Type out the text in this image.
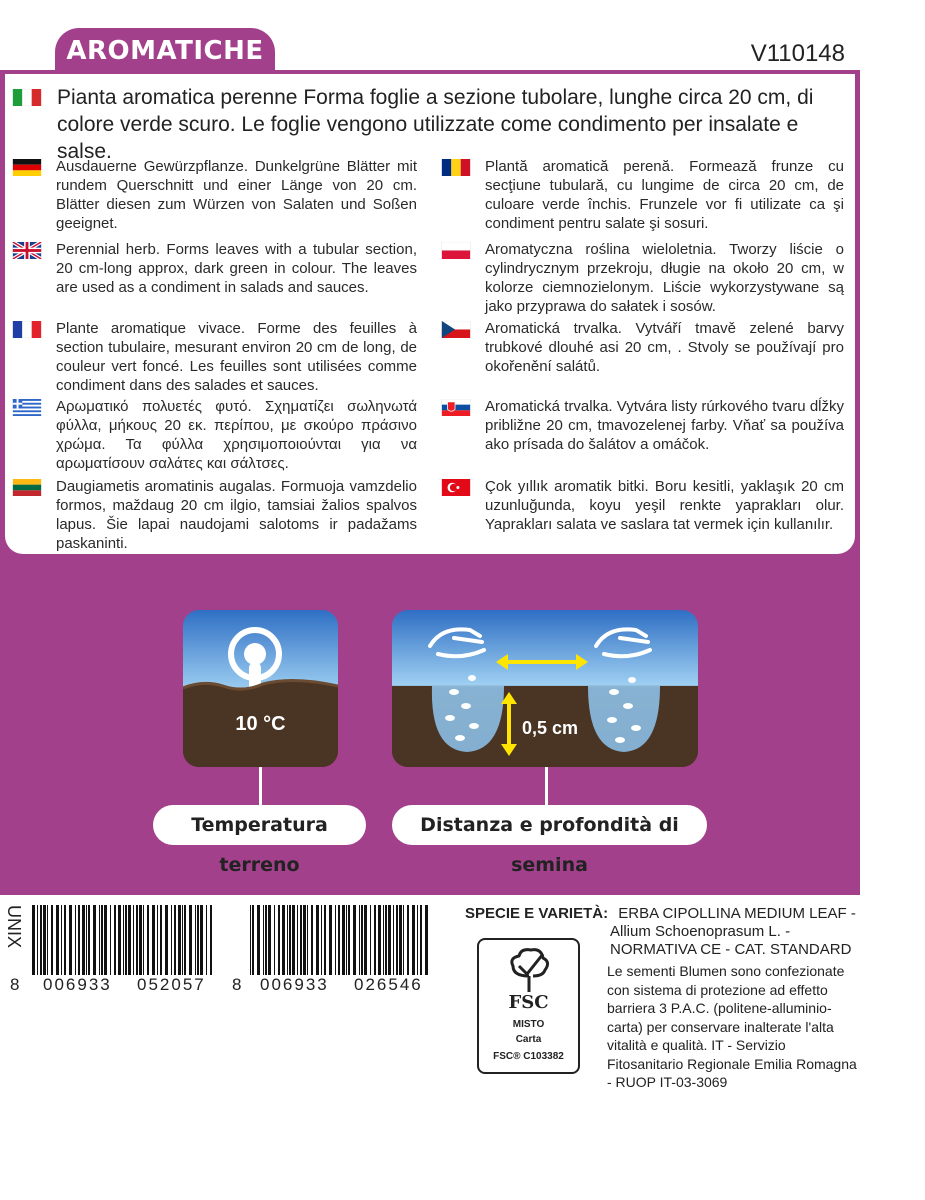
AROMATICHE	V110148
Pianta aromatica perenne Forma foglie a sezione tubolare, lunghe circa 20 cm, di colore verde scuro. Le foglie vengono utilizzate come condimento per insalate e salse.

Ausdauerne Gewürzpflanze. Dunkelgrüne Blätter mit rundem Querschnitt und einer Länge von 20 cm. Blätter diesen zum Würzen von Salaten und Soßen geeignet.

Perennial herb. Forms leaves with a tubular section, 20 cm-long approx, dark green in colour. The leaves are used as a condiment in salads and sauces.

Plante aromatique vivace. Forme des feuilles à section tubulaire, mesurant environ 20 cm de long, de couleur vert foncé. Les feuilles sont utilisées comme condiment dans des salades et sauces.

Αρωματικό πολυετές φυτό. Σχηματίζει σωληνωτά φύλλα, μήκους 20 εκ. περίπου, με σκούρο πράσινο χρώμα. Τα φύλλα χρησιμοποιούνται για να αρωματίσουν σαλάτες και σάλτσες.

Daugiametis aromatinis augalas. Formuoja vamzdelio formos, maždaug 20 cm ilgio, tamsiai žalios spalvos lapus. Šie lapai naudojami salotoms ir padažams paskaninti.

Plantă aromatică perenă. Formează frunze cu secţiune tubulară, cu lungime de circa 20 cm, de culoare verde închis. Frunzele vor fi utilizate ca şi condiment pentru salate şi sosuri.

Aromatyczna roślina wieloletnia. Tworzy liście o cylindrycznym przekroju, długie na około 20 cm, w kolorze ciemnozielonym. Liście wykorzystywane są jako przyprawa do sałatek i sosów.

Aromatická trvalka. Vytváří tmavě zelené barvy trubkové dlouhé asi 20 cm, . Stvoly se používají pro okořenění salátů.

Aromatická trvalka. Vytvára listy rúrkového tvaru dĺžky približne 20 cm, tmavozelenej farby. Vňať sa používa ako prísada do šalátov a omáčok.

Çok yıllık aromatik bitki. Boru kesitli, yaklaşık 20 cm uzunluğunda, koyu yeşil renkte yaprakları olur. Yaprakları salata ve saslara tat vermek için kullanılır.

10 °C
Temperatura terreno
0,5 cm
Distanza e profondità di semina
UNIX
8 006933 052057 8 006933 026546
SPECIE E VARIETÀ: ERBA CIPOLLINA MEDIUM LEAF -
Allium Schoenoprasum L. -
NORMATIVA CE - CAT. STANDARD
FSC
MISTO
Carta
FSC® C103382
Le sementi Blumen sono confezionate con sistema di protezione ad effetto barriera 3 P.A.C. (politene-alluminio-carta) per conservare inalterate l'alta vitalità e qualità. IT - Servizio Fitosanitario Regionale Emilia Romagna - RUOP IT-03-3069
